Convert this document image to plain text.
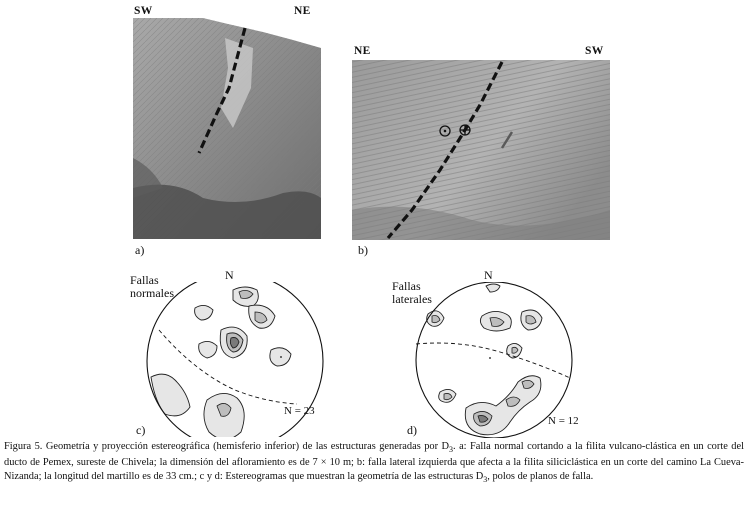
SW	NE
a)
NE	SW
b)
Fallas
normales
N
N = 23
c)
Fallas
laterales
N
N = 12
d)
Figura 5. Geometría y proyección estereográfica (hemisferio inferior) de las estructuras generadas por $D_3$. a: Falla normal cortando a la filita vulcano-clástica en un corte del ducto de Pemex, sureste de Chivela; la dimensión del afloramiento es de 7 × 10 m; b: falla lateral izquierda que afecta a la filita siliciclástica en un corte del camino La Cueva-Nizanda; la longitud del martillo es de 33 cm.; c y d: Estereogramas que muestran la geometría de las estructuras $D_3$, polos de planos de falla.
